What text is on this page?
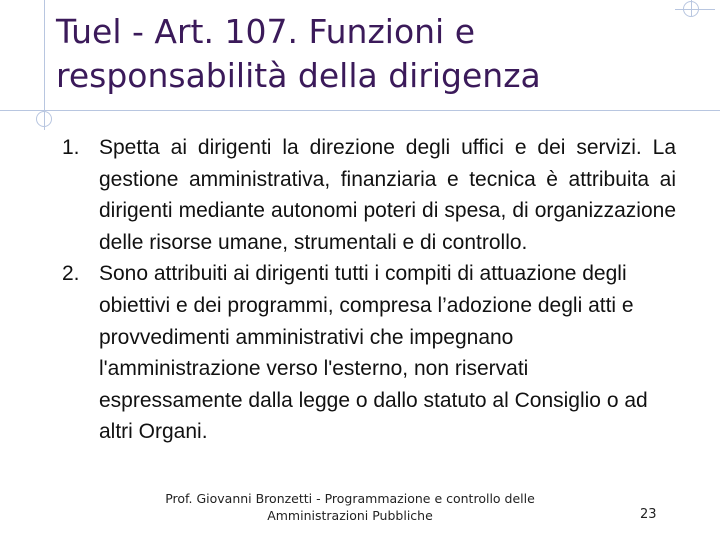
Tuel - Art. 107. Funzioni e responsabilità della dirigenza
1. Spetta ai dirigenti la direzione degli uffici e dei servizi. La gestione amministrativa, finanziaria e tecnica è attribuita ai dirigenti mediante autonomi poteri di spesa, di organizzazione delle risorse umane, strumentali e di controllo.
2. Sono attribuiti ai dirigenti tutti i compiti di attuazione degli obiettivi e dei programmi, compresa l’adozione degli atti e provvedimenti amministrativi che impegnano l'amministrazione verso l'esterno, non riservati espressamente dalla legge o dallo statuto al Consiglio o ad altri Organi.
Prof. Giovanni Bronzetti - Programmazione e controllo delle
Amministrazioni Pubbliche	23
